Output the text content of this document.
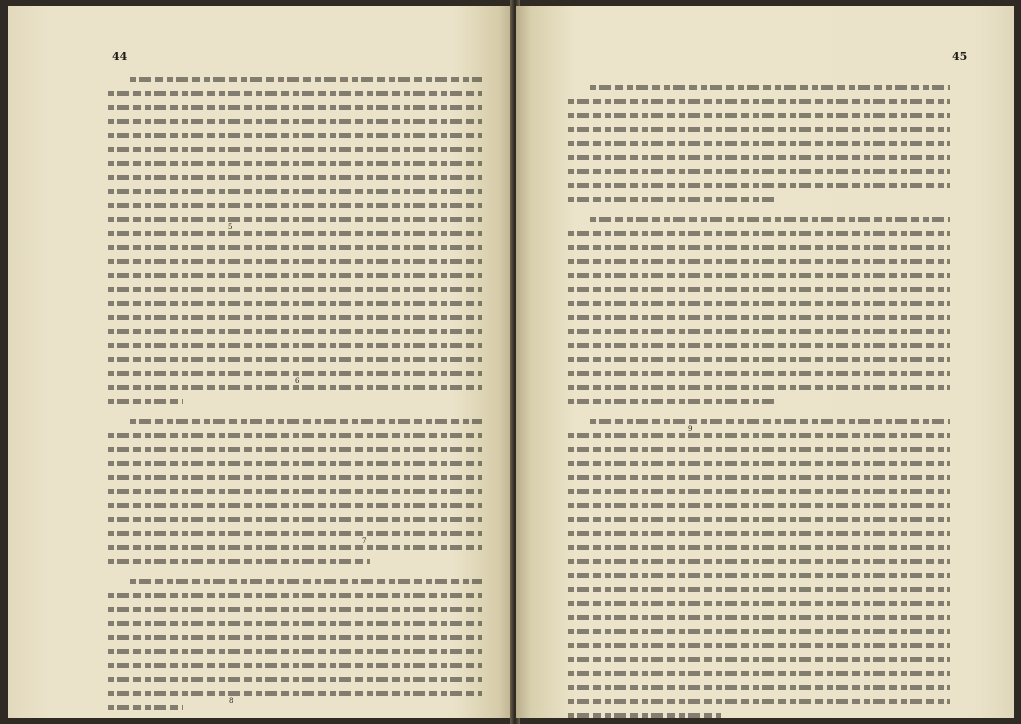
44
5
6
7
8
45
9
